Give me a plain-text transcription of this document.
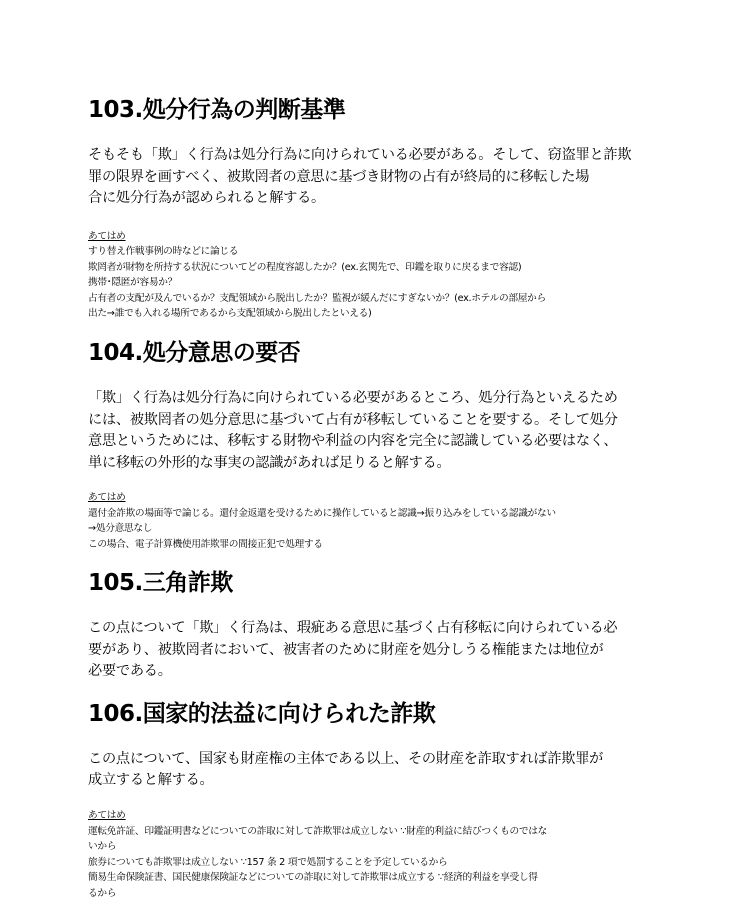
103.処分行為の判断基準
そもそも「欺」く行為は処分行為に向けられている必要がある。そして、窃盗罪と詐欺
罪の限界を画すべく、被欺罔者の意思に基づき財物の占有が終局的に移転した場
合に処分行為が認められると解する。
あてはめ
すり替え作戦事例の時などに論じる
欺罔者が財物を所持する状況についてどの程度容認したか？(ex.玄関先で、印鑑を取りに戻るまで容認)
携帯･隠匿が容易か？
占有者の支配が及んでいるか？支配領域から脱出したか？監視が緩んだにすぎないか？(ex.ホテルの部屋から
出た→誰でも入れる場所であるから支配領域から脱出したといえる)
104.処分意思の要否
「欺」く行為は処分行為に向けられている必要があるところ、処分行為といえるため
には、被欺罔者の処分意思に基づいて占有が移転していることを要する。そして処分
意思というためには、移転する財物や利益の内容を完全に認識している必要はなく、
単に移転の外形的な事実の認識があれば足りると解する。
あてはめ
還付金詐欺の場面等で論じる。還付金返還を受けるために操作していると認識→振り込みをしている認識がない
→処分意思なし
この場合、電子計算機使用詐欺罪の間接正犯で処理する
105.三角詐欺
この点について「欺」く行為は、瑕疵ある意思に基づく占有移転に向けられている必
要があり、被欺罔者において、被害者のために財産を処分しうる権能または地位が
必要である。
106.国家的法益に向けられた詐欺
この点について、国家も財産権の主体である以上、その財産を詐取すれば詐欺罪が
成立すると解する。
あてはめ
運転免許証、印鑑証明書などについての詐取に対して詐欺罪は成立しない ∵財産的利益に結びつくものではな
いから
旅券についても詐欺罪は成立しない ∵157 条 2 項で処罰することを予定しているから
簡易生命保険証書、国民健康保険証などについての詐取に対して詐欺罪は成立する ∵経済的利益を享受し得
るから
